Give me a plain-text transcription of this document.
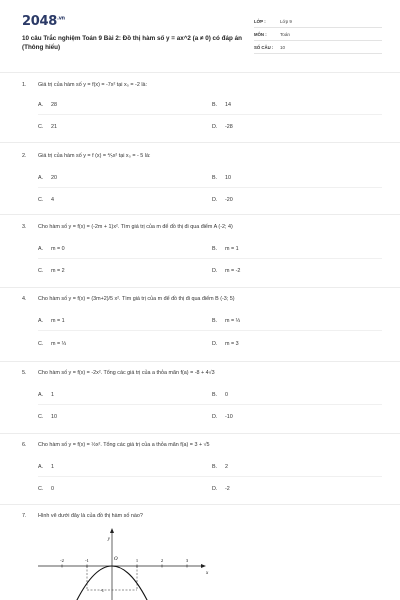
$2048^{.vn}$
10 câu Trắc nghiệm Toán 9 Bài 2: Đồ thị hàm số y = ax^2 (a ≠ 0) có đáp án (Thông hiểu)
LỚP :	Lớp 9
MÔN :	Toán
SỐ CÂU :	10
1. Giá trị của hàm số y = f(x) = -7x² tại x₀ = -2 là:
A. 28	B. 14
C. 21	D. -28
2. Giá trị của hàm số y = f (x) = ⅘x² tại x₀ = - 5 là:
A. 20	B. 10
C. 4	D. -20
3. Cho hàm số y = f(x) = (-2m + 1)x². Tìm giá trị của m để đồ thị đi qua điểm A (-2; 4)
A. m = 0	B. m = 1
C. m = 2	D. m = -2
4. Cho hàm số y = f(x) = (3m+2)/5 x². Tìm giá trị của m để đồ thị đi qua điểm B (-3; 5)
A. m = 1	B. m = ⅓
C. m = ⅓	D. m = 3
5. Cho hàm số y = f(x) = -2x². Tổng các giá trị của a thỏa mãn f(a) = -8 + 4√3
A. 1	B. 0
C. 10	D. -10
6. Cho hàm số y = f(x) = ½x². Tổng các giá trị của a thỏa mãn f(a) = 3 + √5
A. 1	B. 2
C. 0	D. -2
7. Hình vẽ dưới đây là của đồ thị hàm số nào?
y
x
O
-2	-1	1	2	3
-1
